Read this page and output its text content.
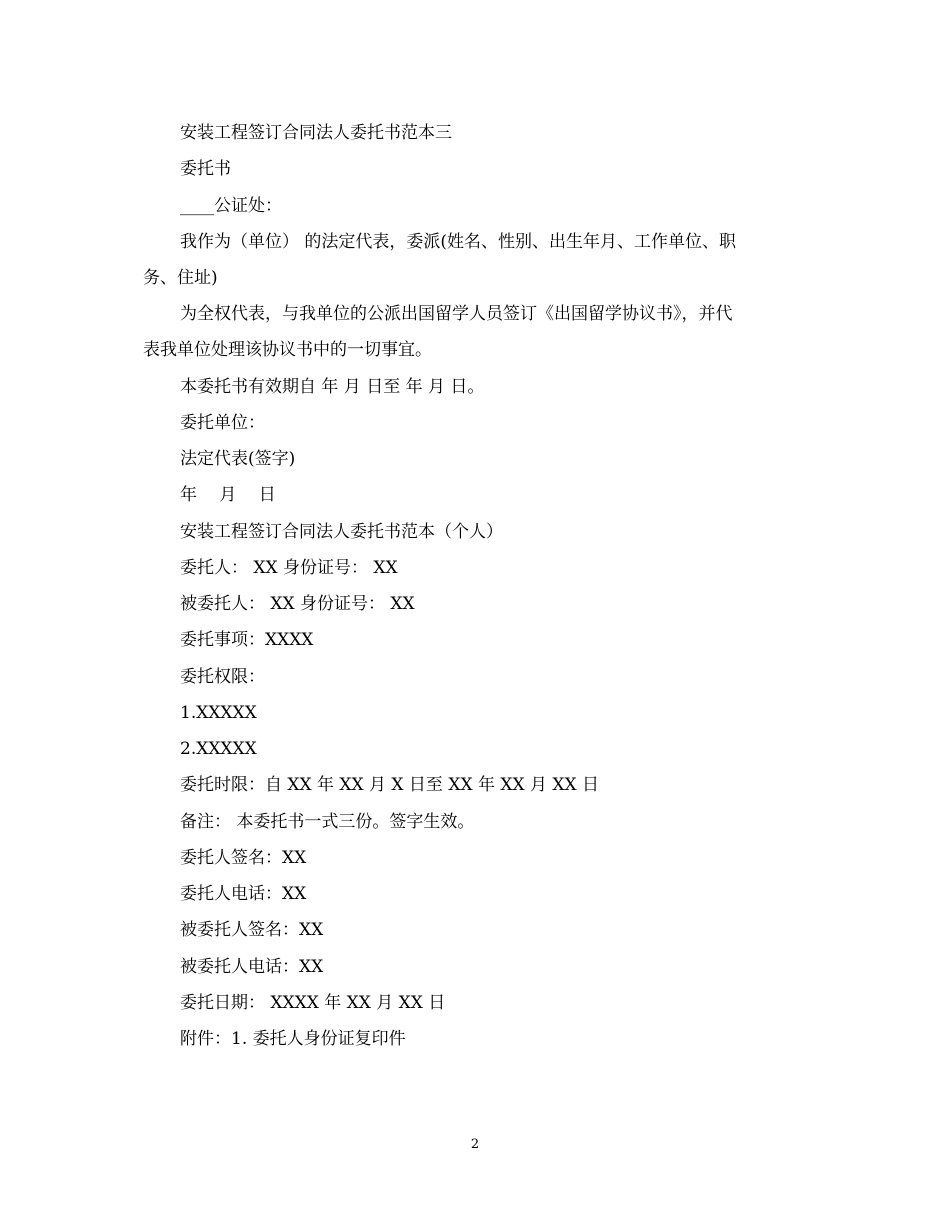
安装工程签订合同法人委托书范本三
委托书
____公证处：
我作为（单位） 的法定代表，委派(姓名、性别、出生年月、工作单位、职
务、住址)
为全权代表，与我单位的公派出国留学人员签订《出国留学协议书》，并代
表我单位处理该协议书中的一切事宜。
本委托书有效期自 年 月 日至 年 月 日。
委托单位：
法定代表(签字)
年　 月　 日
安装工程签订合同法人委托书范本（个人）
委托人： XX 身份证号： XX
被委托人： XX 身份证号： XX
委托事项：XXXX
委托权限：
1.XXXXX
2.XXXXX
委托时限：自 XX 年 XX 月 X 日至 XX 年 XX 月 XX 日
备注： 本委托书一式三份。签字生效。
委托人签名：XX
委托人电话：XX
被委托人签名：XX
被委托人电话：XX
委托日期： XXXX 年 XX 月 XX 日
附件：1. 委托人身份证复印件
2
